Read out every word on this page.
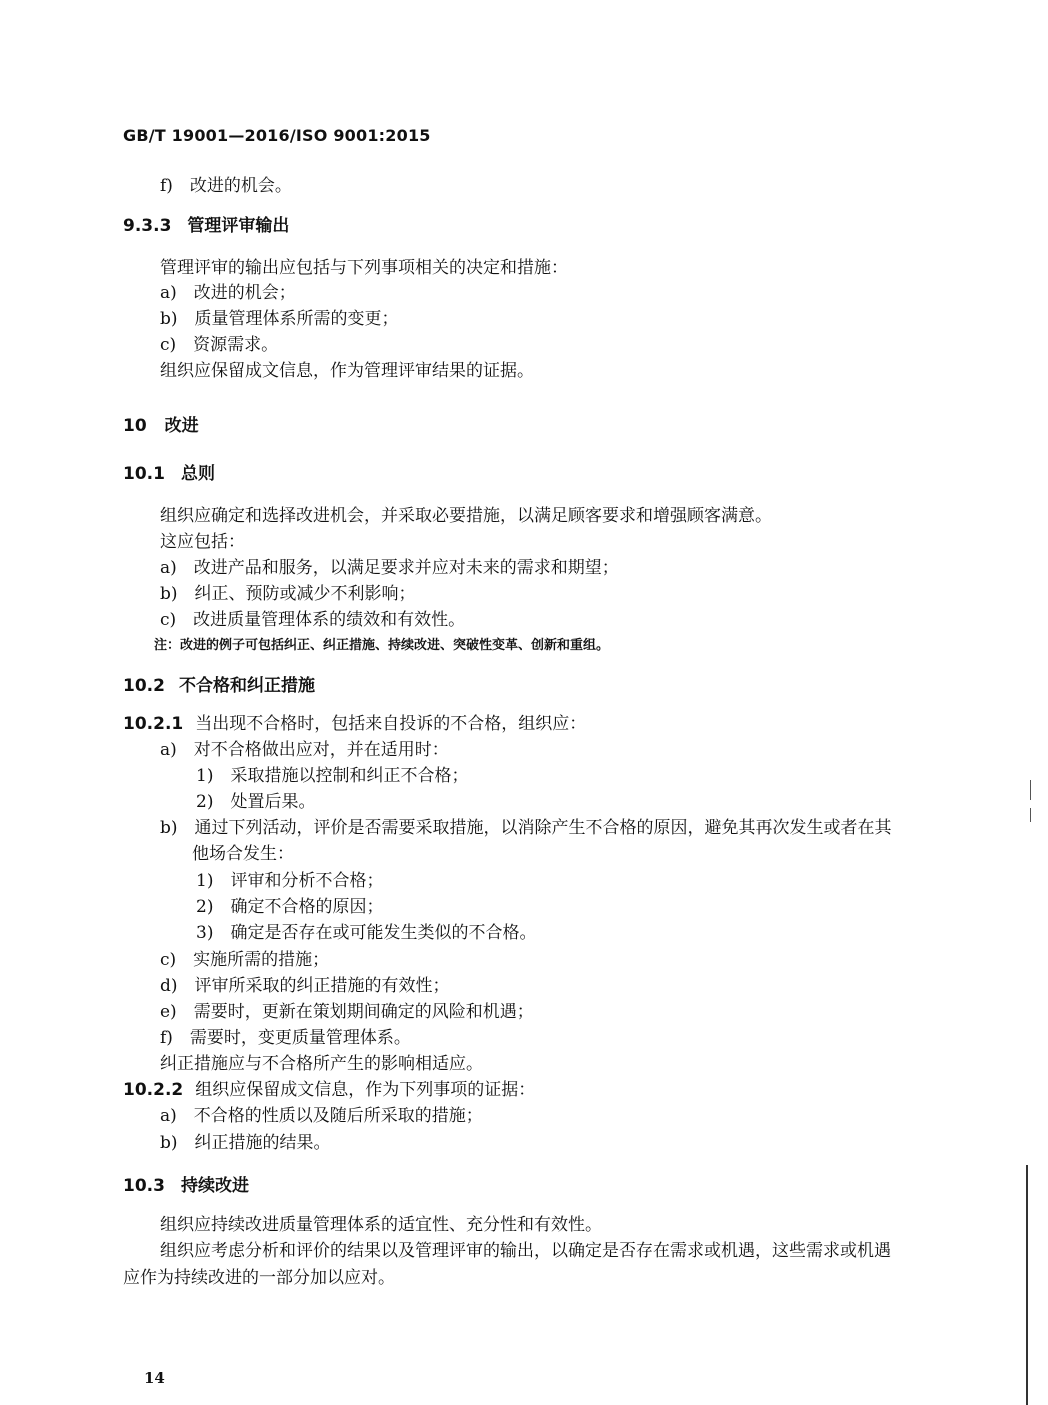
GB/T 19001—2016/ISO 9001:2015
f)　改进的机会。
9.3.3 管理评审输出
管理评审的输出应包括与下列事项相关的决定和措施：
a)　改进的机会；
b)　质量管理体系所需的变更；
c)　资源需求。
组织应保留成文信息，作为管理评审结果的证据。
10 改进
10.1 总则
组织应确定和选择改进机会，并采取必要措施，以满足顾客要求和增强顾客满意。
这应包括：
a)　改进产品和服务，以满足要求并应对未来的需求和期望；
b)　纠正、预防或减少不利影响；
c)　改进质量管理体系的绩效和有效性。
注：改进的例子可包括纠正、纠正措施、持续改进、突破性变革、创新和重组。
10.2 不合格和纠正措施
10.2.1 当出现不合格时，包括来自投诉的不合格，组织应：
a)　对不合格做出应对，并在适用时：
1)　采取措施以控制和纠正不合格；
2)　处置后果。
b)　通过下列活动，评价是否需要采取措施，以消除产生不合格的原因，避免其再次发生或者在其
他场合发生：
1)　评审和分析不合格；
2)　确定不合格的原因；
3)　确定是否存在或可能发生类似的不合格。
c)　实施所需的措施；
d)　评审所采取的纠正措施的有效性；
e)　需要时，更新在策划期间确定的风险和机遇；
f)　需要时，变更质量管理体系。
纠正措施应与不合格所产生的影响相适应。
10.2.2 组织应保留成文信息，作为下列事项的证据：
a)　不合格的性质以及随后所采取的措施；
b)　纠正措施的结果。
10.3 持续改进
组织应持续改进质量管理体系的适宜性、充分性和有效性。
组织应考虑分析和评价的结果以及管理评审的输出，以确定是否存在需求或机遇，这些需求或机遇
应作为持续改进的一部分加以应对。
14
